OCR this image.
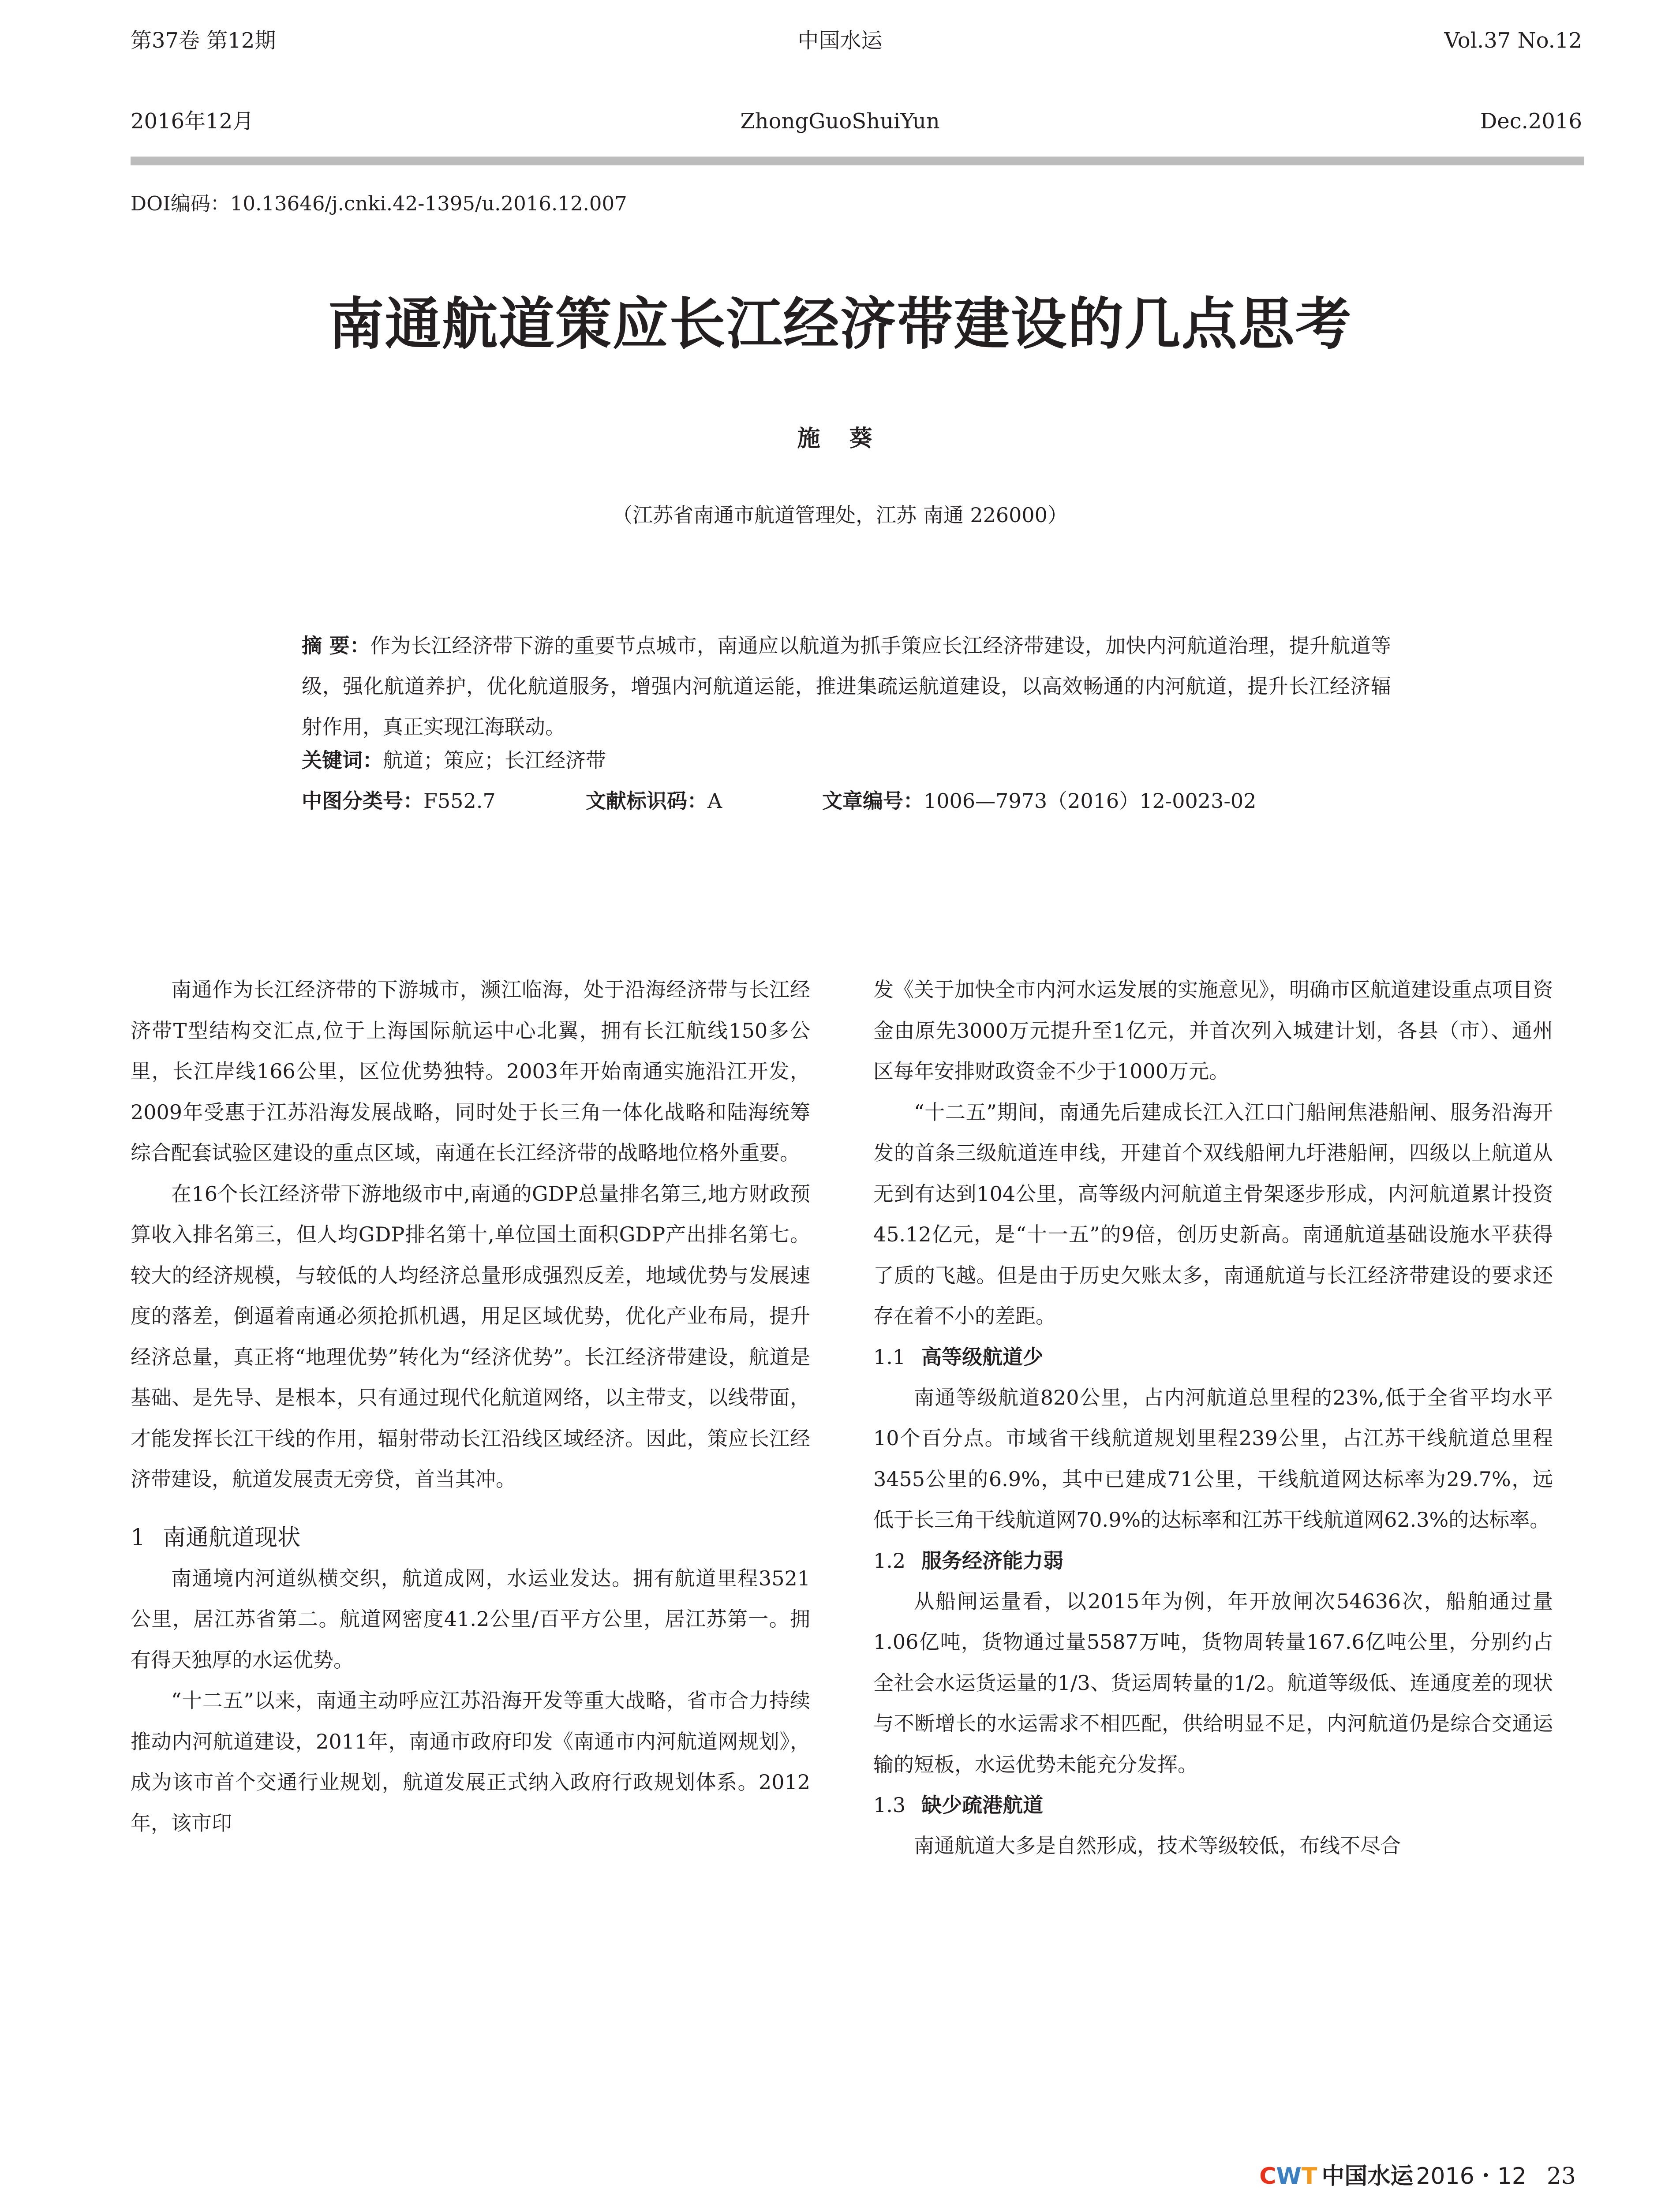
第37卷 第12期
2016年12月
中国水运
ZhongGuoShuiYun
Vol.37 No.12
Dec.2016
DOI编码：10.13646/j.cnki.42-1395/u.2016.12.007
南通航道策应长江经济带建设的几点思考
施 葵
（江苏省南通市航道管理处，江苏 南通 226000）
摘 要：作为长江经济带下游的重要节点城市，南通应以航道为抓手策应长江经济带建设，加快内河航道治理，提升航道等级，强化航道养护，优化航道服务，增强内河航道运能，推进集疏运航道建设，以高效畅通的内河航道，提升长江经济辐射作用，真正实现江海联动。
关键词：航道；策应；长江经济带
中图分类号：F552.7	文献标识码：A	文章编号：1006—7973（2016）12-0023-02

南通作为长江经济带的下游城市，濒江临海，处于沿海经济带与长江经济带T型结构交汇点,位于上海国际航运中心北翼，拥有长江航线150多公里，长江岸线166公里，区位优势独特。2003年开始南通实施沿江开发，2009年受惠于江苏沿海发展战略，同时处于长三角一体化战略和陆海统筹综合配套试验区建设的重点区域，南通在长江经济带的战略地位格外重要。

在16个长江经济带下游地级市中,南通的GDP总量排名第三,地方财政预算收入排名第三，但人均GDP排名第十,单位国土面积GDP产出排名第七。较大的经济规模，与较低的人均经济总量形成强烈反差，地域优势与发展速度的落差，倒逼着南通必须抢抓机遇，用足区域优势，优化产业布局，提升经济总量，真正将“地理优势”转化为“经济优势”。长江经济带建设，航道是基础、是先导、是根本，只有通过现代化航道网络，以主带支，以线带面，才能发挥长江干线的作用，辐射带动长江沿线区域经济。因此，策应长江经济带建设，航道发展责无旁贷，首当其冲。

1 南通航道现状

南通境内河道纵横交织，航道成网，水运业发达。拥有航道里程3521公里，居江苏省第二。航道网密度41.2公里/百平方公里，居江苏第一。拥有得天独厚的水运优势。

“十二五”以来，南通主动呼应江苏沿海开发等重大战略，省市合力持续推动内河航道建设，2011年，南通市政府印发《南通市内河航道网规划》，成为该市首个交通行业规划，航道发展正式纳入政府行政规划体系。2012年，该市印

发《关于加快全市内河水运发展的实施意见》，明确市区航道建设重点项目资金由原先3000万元提升至1亿元，并首次列入城建计划，各县（市）、通州区每年安排财政资金不少于1000万元。

“十二五”期间，南通先后建成长江入江口门船闸焦港船闸、服务沿海开发的首条三级航道连申线，开建首个双线船闸九圩港船闸，四级以上航道从无到有达到104公里，高等级内河航道主骨架逐步形成，内河航道累计投资45.12亿元，是“十一五”的9倍，创历史新高。南通航道基础设施水平获得了质的飞越。但是由于历史欠账太多，南通航道与长江经济带建设的要求还存在着不小的差距。

1.1 高等级航道少

南通等级航道820公里，占内河航道总里程的23%,低于全省平均水平10个百分点。市域省干线航道规划里程239公里，占江苏干线航道总里程3455公里的6.9%，其中已建成71公里，干线航道网达标率为29.7%，远低于长三角干线航道网70.9%的达标率和江苏干线航道网62.3%的达标率。

1.2 服务经济能力弱

从船闸运量看，以2015年为例，年开放闸次54636次，船舶通过量1.06亿吨，货物通过量5587万吨，货物周转量167.6亿吨公里，分别约占全社会水运货运量的1/3、货运周转量的1/2。航道等级低、连通度差的现状与不断增长的水运需求不相匹配，供给明显不足，内河航道仍是综合交通运输的短板，水运优势未能充分发挥。

1.3 缺少疏港航道

南通航道大多是自然形成，技术等级较低，布线不尽合

CWT 中国水运 2016・12 23
